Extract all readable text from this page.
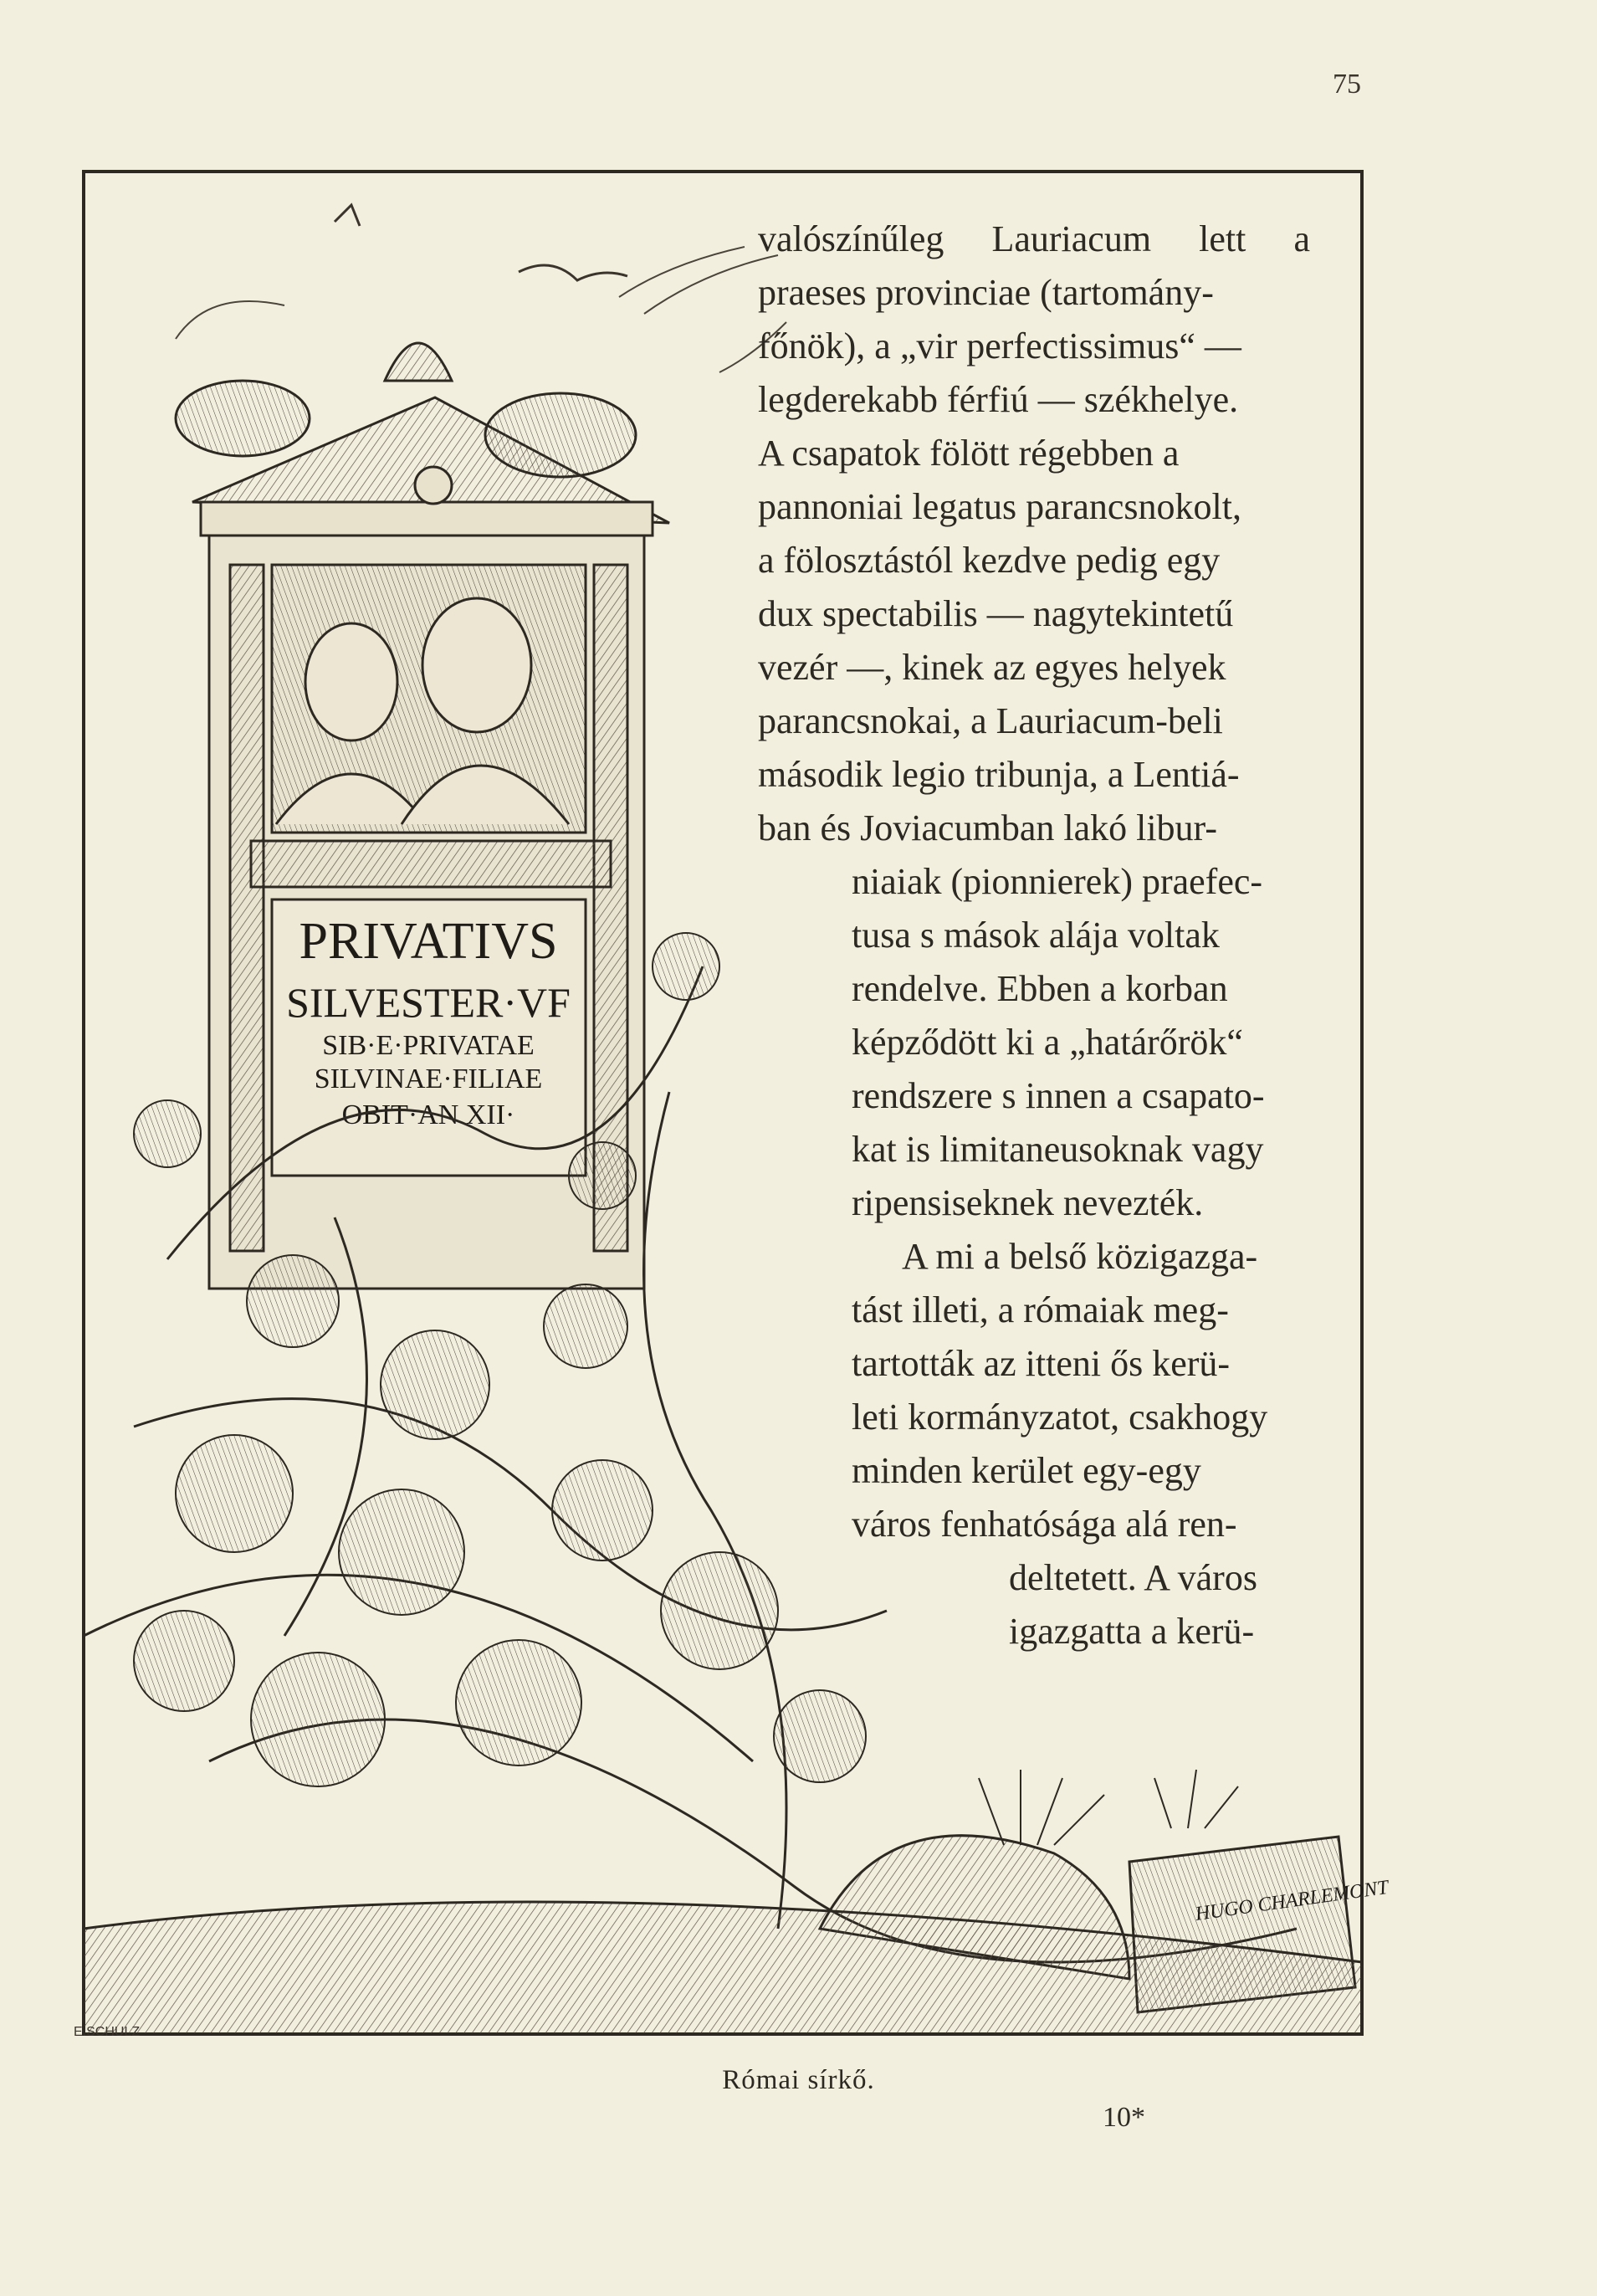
75
PRIVATIVS
SILVESTER·VF
SIB·E·PRIVATAE
SILVINAE·FILIAE
OBIT·AN XII·
HUGO CHARLEMONT
E.SCHULZ
valószínűleg Lauriacum lett a
praeses provinciae (tartomány-
főnök), a „vir perfectissimus“ —
legderekabb férfiú — székhelye.
A csapatok fölött régebben a
pannoniai legatus parancsnokolt,
a fölosztástól kezdve pedig egy
dux spectabilis — nagytekintetű
vezér —, kinek az egyes helyek
parancsnokai, a Lauriacum-beli
második legio tribunja, a Lentiá-
ban és Joviacumban lakó libur-
niaiak (pionnierek) praefec-
tusa s mások alája voltak
rendelve. Ebben a korban
képződött ki a „határőrök“
rendszere s innen a csapato-
kat is limitaneusoknak vagy
ripensiseknek nevezték.
A mi a belső közigazga-
tást illeti, a rómaiak meg-
tartották az itteni ős kerü-
leti kormányzatot, csakhogy
minden kerület egy-egy
város fenhatósága alá ren-
deltetett. A város
igazgatta a kerü-
Római sírkő.
10*
